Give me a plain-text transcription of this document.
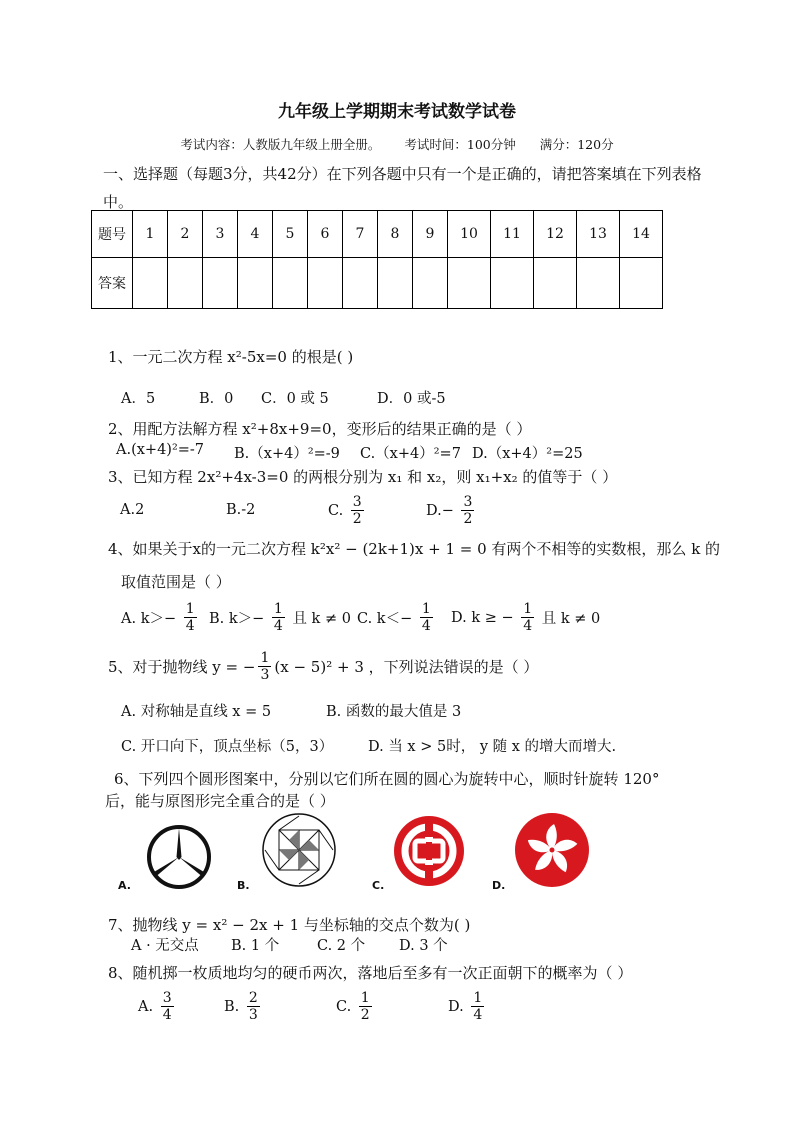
九年级上学期期末考试数学试卷
考试内容：人教版九年级上册全册。 考试时间：100分钟 满分：120分
一、选择题（每题3分，共42分）在下列各题中只有一个是正确的，请把答案填在下列表格中。
题号	1	2	3	4	5	6	7	8	9	10	11	12	13	14
答案														
1、一元二次方程 x²-5x=0 的根是( )
A．5	B．0 C．0 或 5	D．0 或-5
2、用配方法解方程 x²+8x+9=0，变形后的结果正确的是（ ）
A.(x+4)²=-7 B.（x+4）²=-9 C.（x+4）²=7 D.（x+4）²=25
3、已知方程 2x²+4x-3=0 的两根分别为 x₁ 和 x₂，则 x₁+x₂ 的值等于（ ）
A.2	B.-2	C. $\frac{3}{2}$	$D.- \frac{3}{2}$
4、如果关于x的一元二次方程 k²x² − (2k+1)x + 1 = 0 有两个不相等的实数根，那么 k 的
取值范围是（ ）
A. $k>- \frac{1}{4} B$. $k>- \frac{1}{4}$ 且 k ≠ 0 C. $k<- \frac{1}{4} D$. k ≥ − $\frac{1}{4}$ 且 k ≠ 0
5、对于抛物线 y = − $\frac{1}{3} (x - 5)^2 + 3$ ，下列说法错误的是（ ）
A. 对称轴是直线 x = 5	B. 函数的最大值是 3
C. 开口向下，顶点坐标（5，3） D. 当 x > 5时， y 随 x 的增大而增大.
6、下列四个圆形图案中，分别以它们所在圆的圆心为旋转中心，顺时针旋转 120°
后，能与原图形完全重合的是（ ）
A.	B.	C.	D.
7、抛物线 y = x² − 2x + 1 与坐标轴的交点个数为( )
A · 无交点 B. 1 个	C. 2 个 D. 3 个
8、随机掷一枚质地均匀的硬币两次，落地后至多有一次正面朝下的概率为（ ）
A. $\frac{3}{4}$	B. $\frac{2}{3}$	C. $\frac{1}{2}$	D. $\frac{1}{4}$
